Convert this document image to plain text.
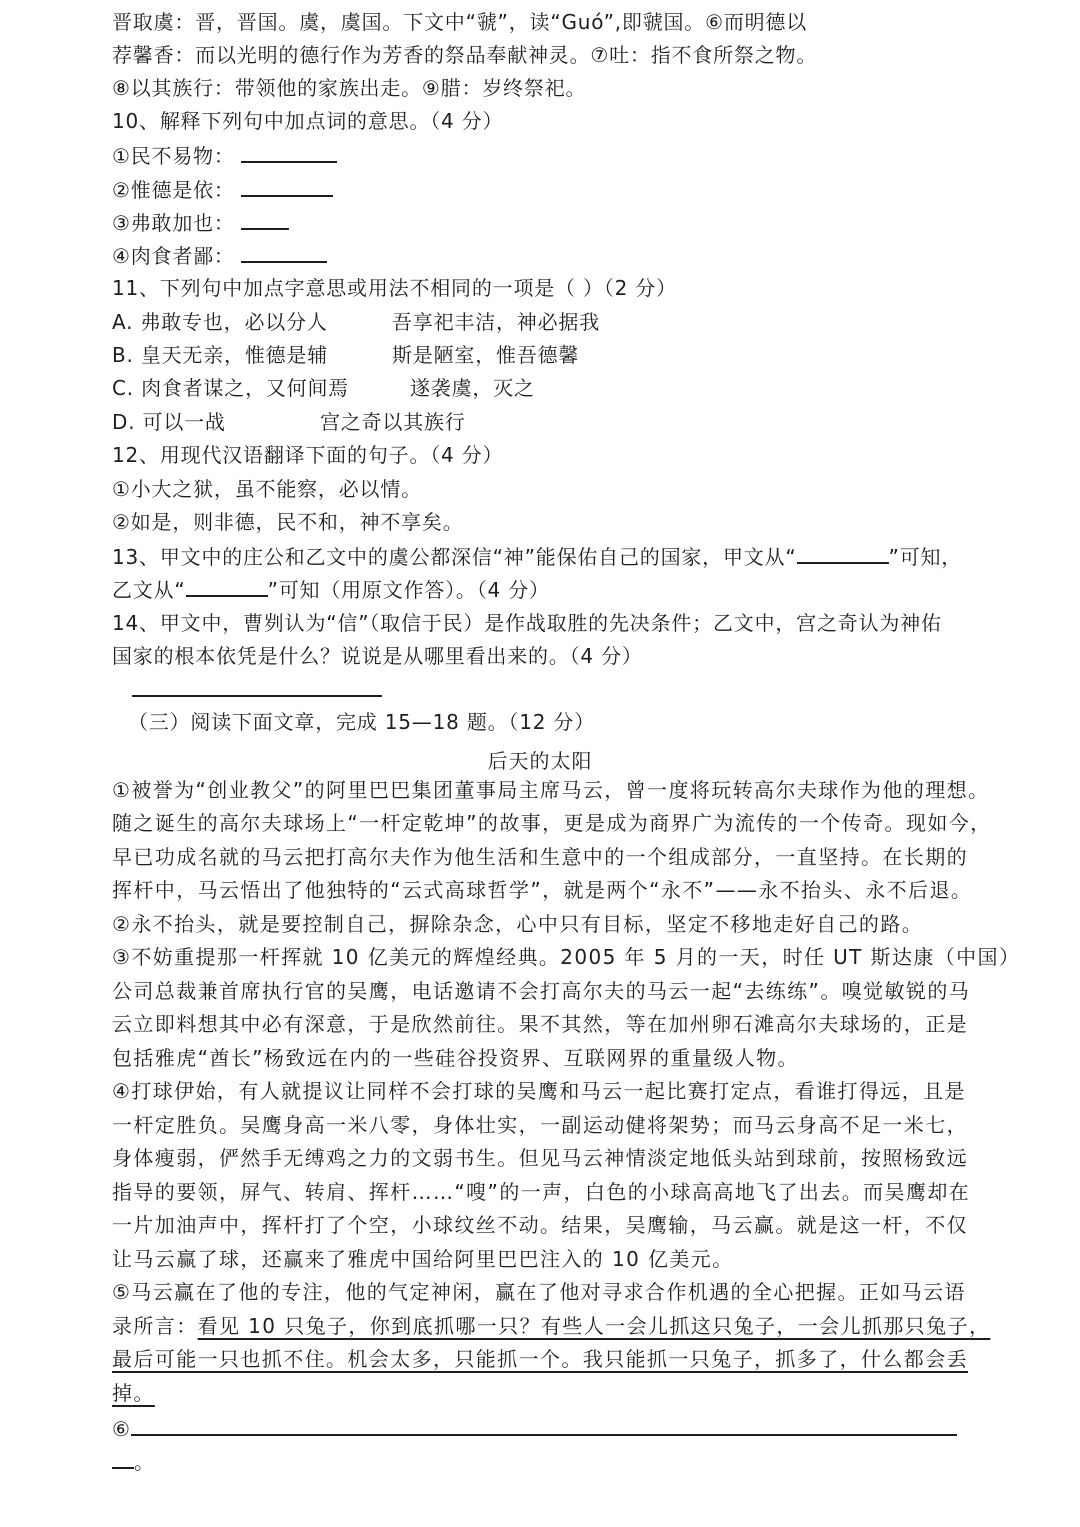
晋取虞：晋，晋国。虞，虞国。下文中“虢”，读“Guó”,即虢国。⑥而明德以
荐馨香：而以光明的德行作为芳香的祭品奉献神灵。⑦吐：指不食所祭之物。
⑧以其族行：带领他的家族出走。⑨腊：岁终祭祀。
10、解释下列句中加点词的意思。（4 分）
①民不易物：
②惟德是依：
③弗敢加也：
④肉食者鄙：
11、下列句中加点字意思或用法不相同的一项是（ ）（2 分）
A. 弗敢专也，必以分人	吾享祀丰洁，神必据我
B. 皇天无亲，惟德是辅	斯是陋室，惟吾德馨
C. 肉食者谋之，又何间焉	遂袭虞，灭之
D. 可以一战	宫之奇以其族行
12、用现代汉语翻译下面的句子。（4 分）
①小大之狱，虽不能察，必以情。
②如是，则非德，民不和，神不享矣。
13、甲文中的庄公和乙文中的虞公都深信“神”能保佑自己的国家，甲文从“	”可知，
乙文从“	”可知（用原文作答）。（4 分）
14、甲文中，曹刿认为“信”（取信于民）是作战取胜的先决条件；乙文中，宫之奇认为神佑
国家的根本依凭是什么？说说是从哪里看出来的。（4 分）
（三）阅读下面文章，完成 15—18 题。（12 分）
后天的太阳
①被誉为“创业教父”的阿里巴巴集团董事局主席马云，曾一度将玩转高尔夫球作为他的理想。
随之诞生的高尔夫球场上“一杆定乾坤”的故事，更是成为商界广为流传的一个传奇。现如今，
早已功成名就的马云把打高尔夫作为他生活和生意中的一个组成部分，一直坚持。在长期的
挥杆中，马云悟出了他独特的“云式高球哲学”，就是两个“永不”——永不抬头、永不后退。
②永不抬头，就是要控制自己，摒除杂念，心中只有目标，坚定不移地走好自己的路。
③不妨重提那一杆挥就 10 亿美元的辉煌经典。2005 年 5 月的一天，时任 UT 斯达康（中国）
公司总裁兼首席执行官的吴鹰，电话邀请不会打高尔夫的马云一起“去练练”。嗅觉敏锐的马
云立即料想其中必有深意，于是欣然前往。果不其然，等在加州卵石滩高尔夫球场的，正是
包括雅虎“酋长”杨致远在内的一些硅谷投资界、互联网界的重量级人物。
④打球伊始，有人就提议让同样不会打球的吴鹰和马云一起比赛打定点，看谁打得远，且是
一杆定胜负。吴鹰身高一米八零，身体壮实，一副运动健将架势；而马云身高不足一米七，
身体瘦弱，俨然手无缚鸡之力的文弱书生。但见马云神情淡定地低头站到球前，按照杨致远
指导的要领，屏气、转肩、挥杆……“嗖”的一声，白色的小球高高地飞了出去。而吴鹰却在
一片加油声中，挥杆打了个空，小球纹丝不动。结果，吴鹰输，马云赢。就是这一杆，不仅
让马云赢了球，还赢来了雅虎中国给阿里巴巴注入的 10 亿美元。
⑤马云赢在了他的专注，他的气定神闲，赢在了他对寻求合作机遇的全心把握。正如马云语
录所言：看见 10 只兔子，你到底抓哪一只？有些人一会儿抓这只兔子，一会儿抓那只兔子，
最后可能一只也抓不住。机会太多，只能抓一个。我只能抓一只兔子，抓多了，什么都会丢
掉。
⑥
。
